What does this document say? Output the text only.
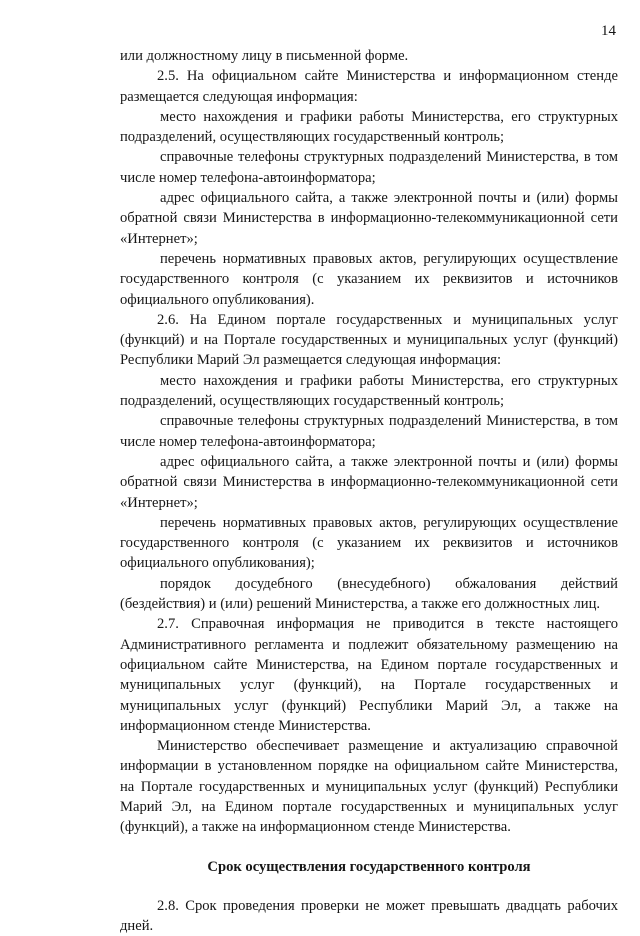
14

или должностному лицу в письменной форме.

2.5. На официальном сайте Министерства и информационном стенде размещается следующая информация:

место нахождения и графики работы Министерства, его структурных подразделений, осуществляющих государственный контроль;

справочные телефоны структурных подразделений Министерства, в том числе номер телефона-автоинформатора;

адрес официального сайта, а также электронной почты и (или) формы обратной связи Министерства в информационно-телекоммуникационной сети «Интернет»;

перечень нормативных правовых актов, регулирующих осуществление государственного контроля (с указанием их реквизитов и источников официального опубликования).

2.6. На Едином портале государственных и муниципальных услуг (функций) и на Портале государственных и муниципальных услуг (функций) Республики Марий Эл размещается следующая информация:

место нахождения и графики работы Министерства, его структурных подразделений, осуществляющих государственный контроль;

справочные телефоны структурных подразделений Министерства, в том числе номер телефона-автоинформатора;

адрес официального сайта, а также электронной почты и (или) формы обратной связи Министерства в информационно-телекоммуникационной сети «Интернет»;

перечень нормативных правовых актов, регулирующих осуществление государственного контроля (с указанием их реквизитов и источников официального опубликования);

порядок досудебного (внесудебного) обжалования действий (бездействия) и (или) решений Министерства, а также его должностных лиц.

2.7. Справочная информация не приводится в тексте настоящего Административного регламента и подлежит обязательному размещению на официальном сайте Министерства, на Едином портале государственных и муниципальных услуг (функций), на Портале государственных и муниципальных услуг (функций) Республики Марий Эл, а также на информационном стенде Министерства.

Министерство обеспечивает размещение и актуализацию справочной информации в установленном порядке на официальном сайте Министерства, на Портале государственных и муниципальных услуг (функций) Республики Марий Эл, на Едином портале государственных и муниципальных услуг (функций), а также на информационном стенде Министерства.

Срок осуществления государственного контроля

2.8. Срок проведения проверки не может превышать двадцать рабочих дней.
